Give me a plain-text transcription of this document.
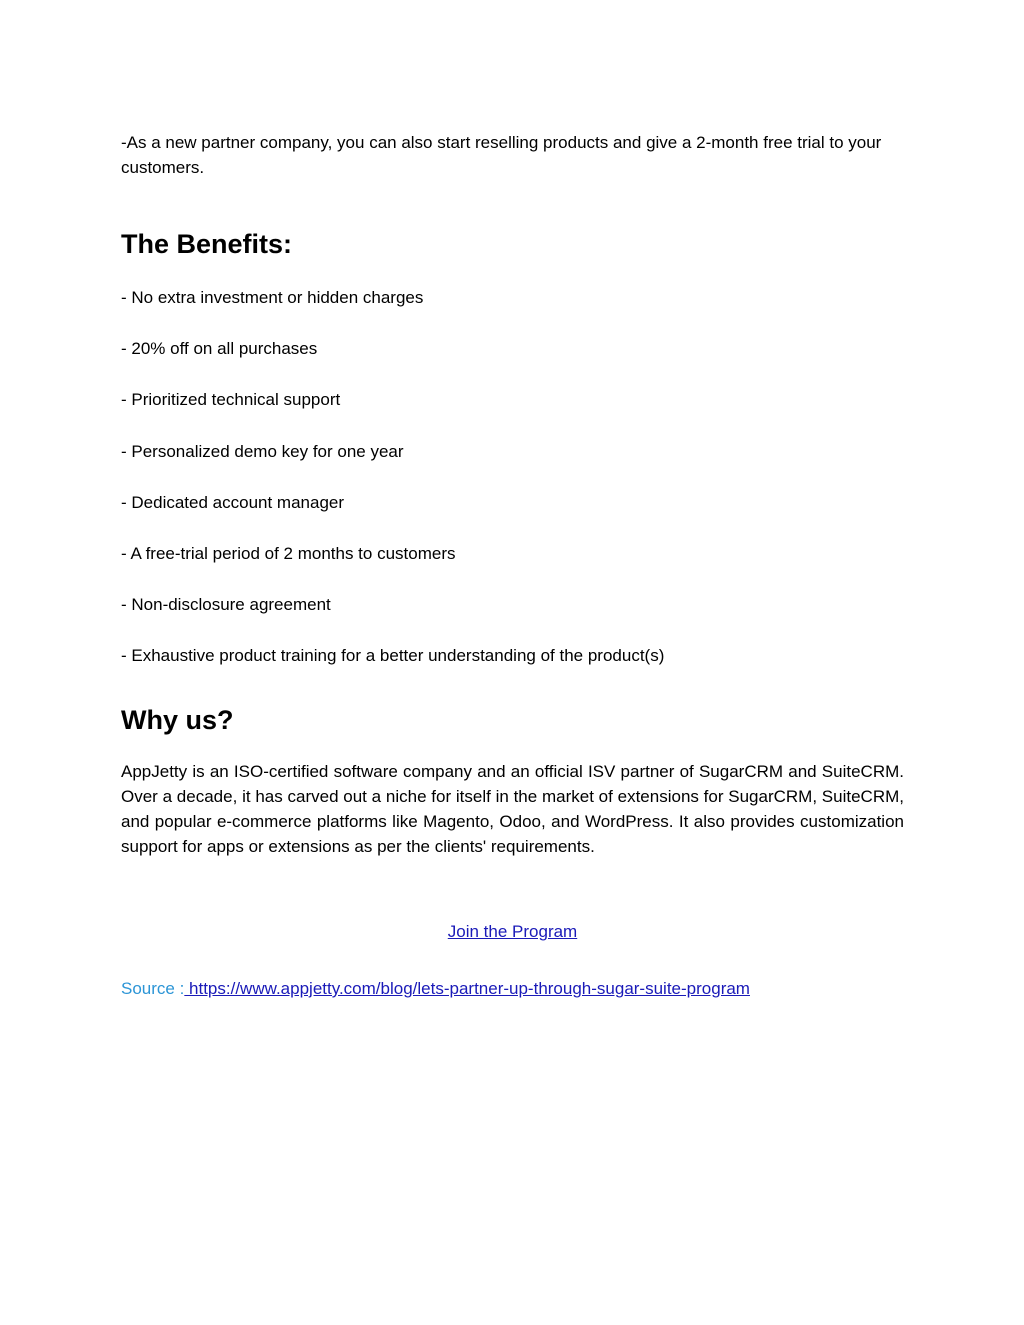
-As a new partner company, you can also start reselling products and give a 2-month free trial to your customers.

The Benefits:
- No extra investment or hidden charges
- 20% off on all purchases
- Prioritized technical support
- Personalized demo key for one year
- Dedicated account manager
- A free-trial period of 2 months to customers
- Non-disclosure agreement
- Exhaustive product training for a better understanding of the product(s)
Why us?

AppJetty is an ISO-certified software company and an official ISV partner of SugarCRM and SuiteCRM. Over a decade, it has carved out a niche for itself in the market of extensions for SugarCRM, SuiteCRM, and popular e-commerce platforms like Magento, Odoo, and WordPress. It also provides customization support for apps or extensions as per the clients' requirements.

Join the Program
Source : https://www.appjetty.com/blog/lets-partner-up-through-sugar-suite-program
